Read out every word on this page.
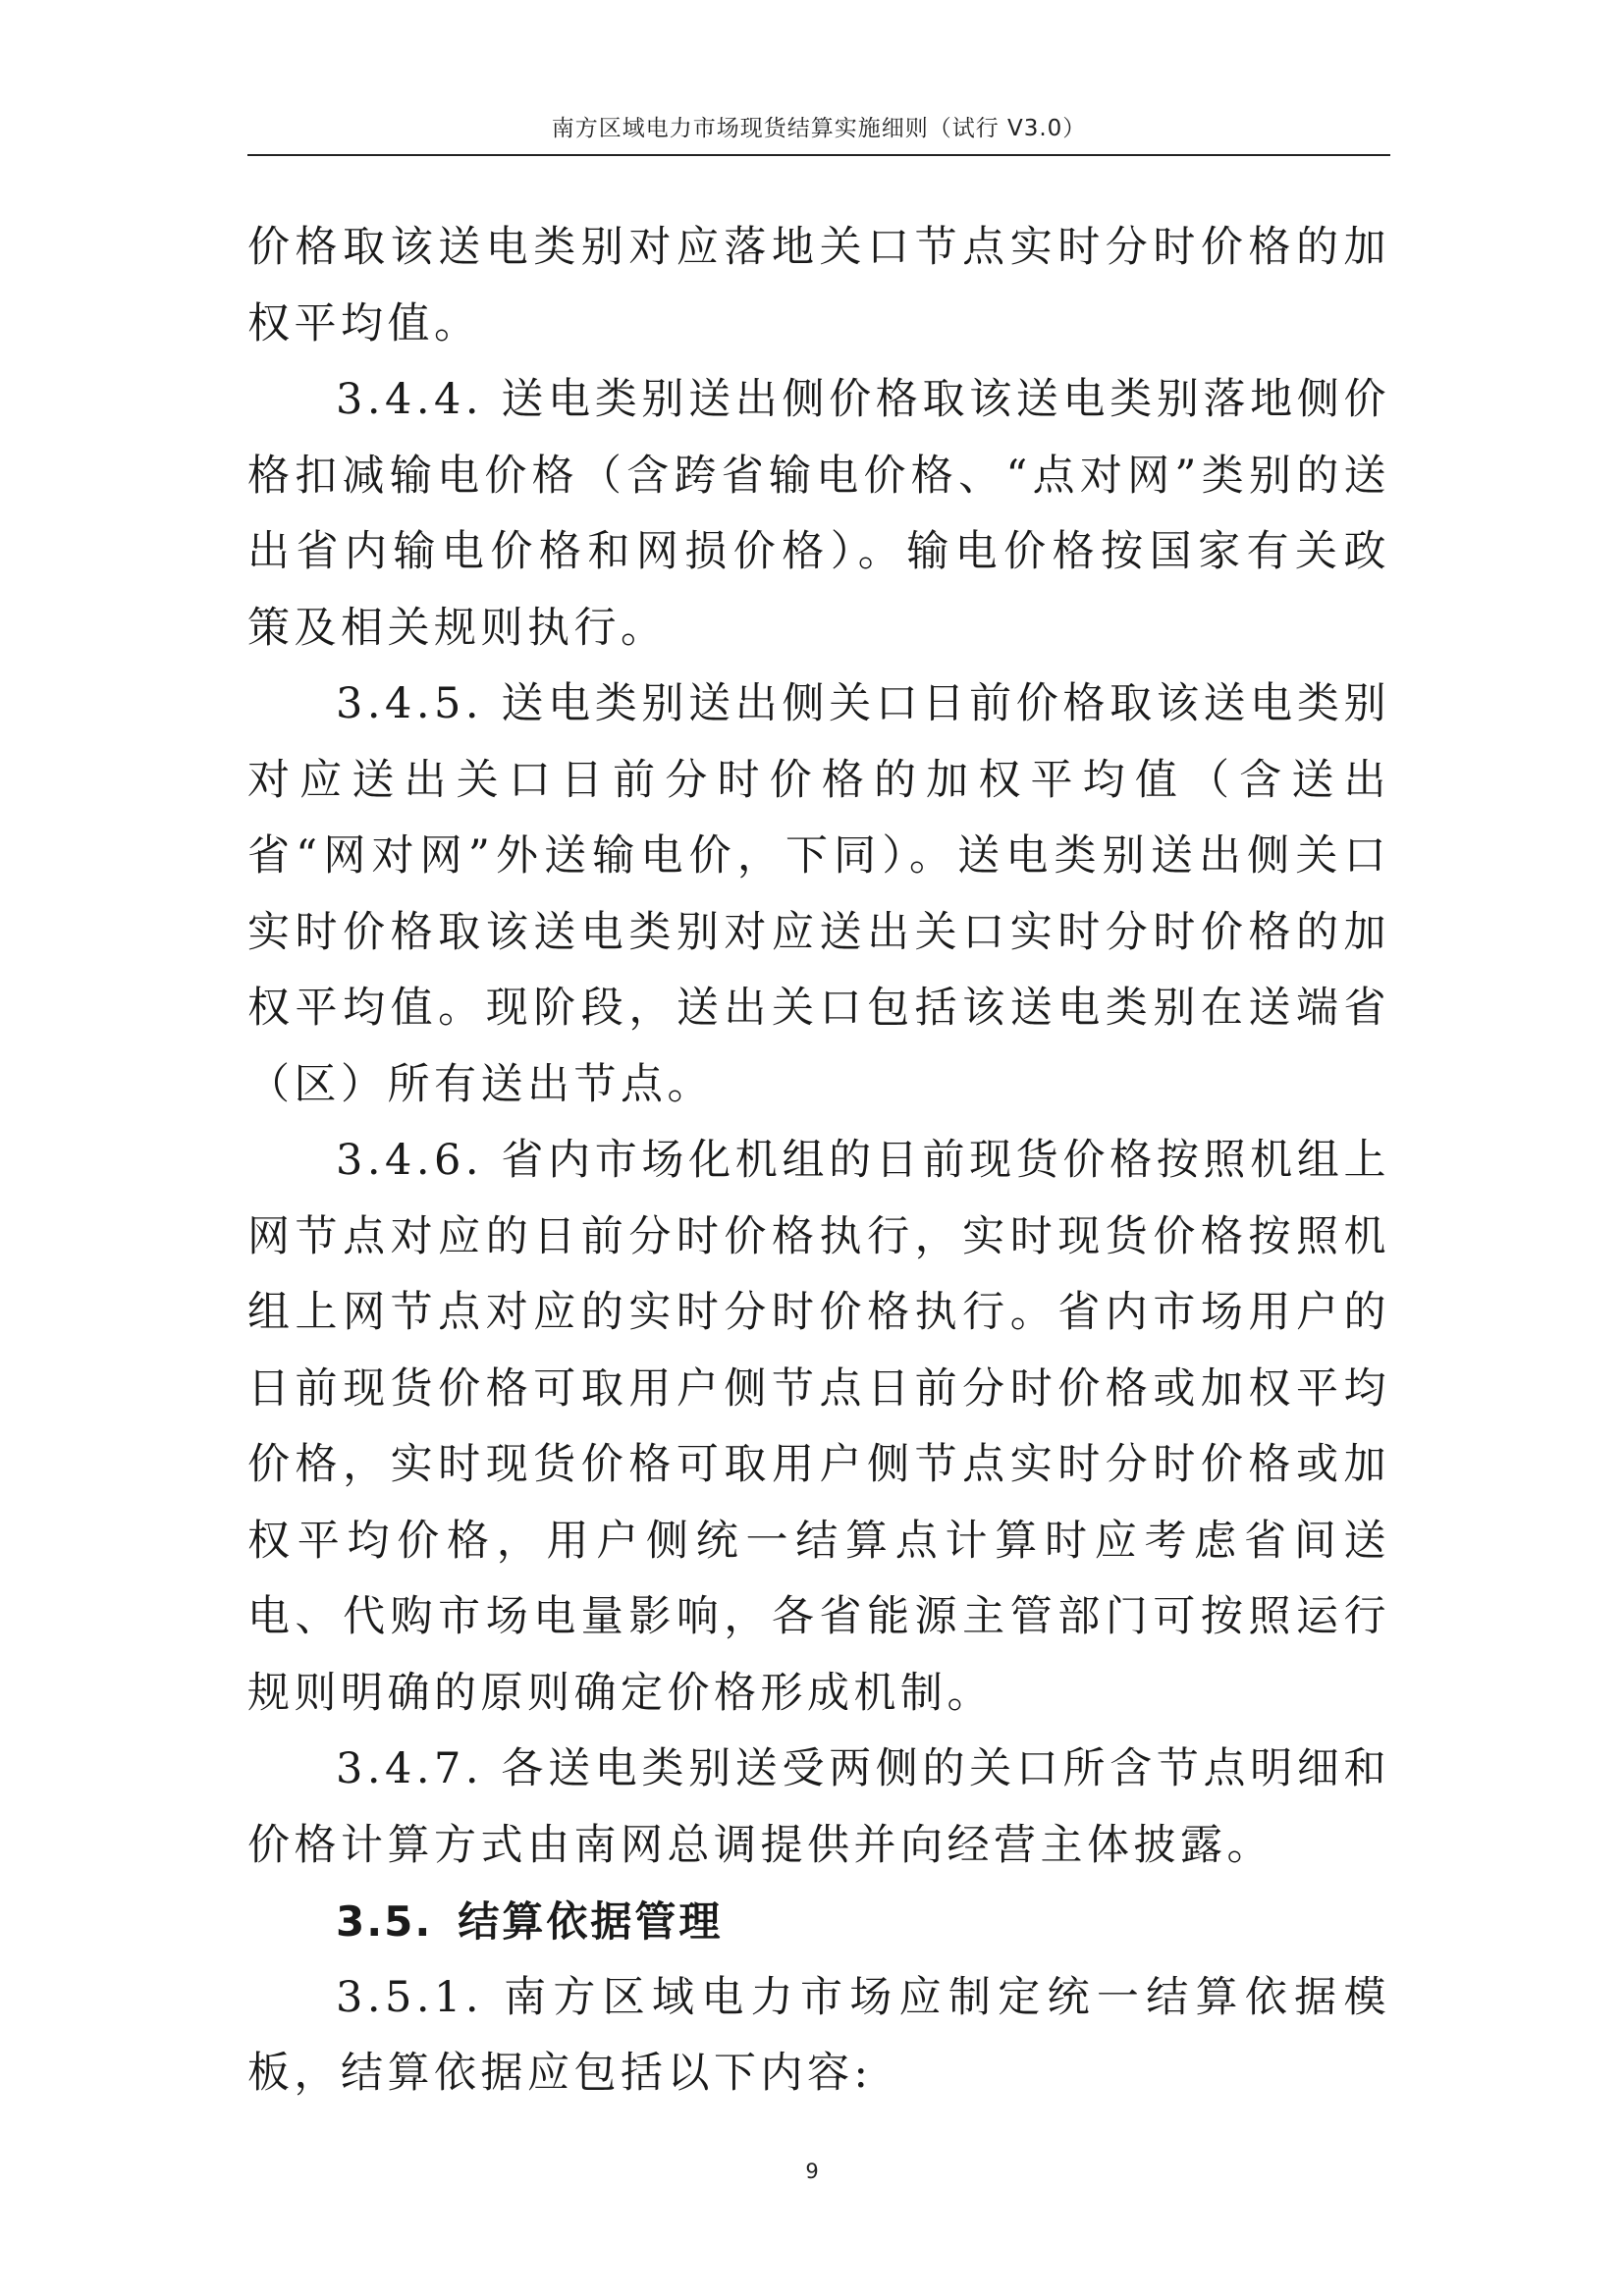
南方区域电力市场现货结算实施细则（试行 V3.0）

价格取该送电类别对应落地关口节点实时分时价格的加权平均值。

3.4.4. 送电类别送出侧价格取该送电类别落地侧价格扣减输电价格（含跨省输电价格、“点对网”类别的送出省内输电价格和网损价格）。输电价格按国家有关政策及相关规则执行。

3.4.5. 送电类别送出侧关口日前价格取该送电类别对应送出关口日前分时价格的加权平均值（含送出省“网对网”外送输电价，下同）。送电类别送出侧关口实时价格取该送电类别对应送出关口实时分时价格的加权平均值。现阶段，送出关口包括该送电类别在送端省（区）所有送出节点。

3.4.6. 省内市场化机组的日前现货价格按照机组上网节点对应的日前分时价格执行，实时现货价格按照机组上网节点对应的实时分时价格执行。省内市场用户的日前现货价格可取用户侧节点日前分时价格或加权平均价格，实时现货价格可取用户侧节点实时分时价格或加权平均价格，用户侧统一结算点计算时应考虑省间送电、代购市场电量影响，各省能源主管部门可按照运行规则明确的原则确定价格形成机制。

3.4.7. 各送电类别送受两侧的关口所含节点明细和价格计算方式由南网总调提供并向经营主体披露。

3.5. 结算依据管理

3.5.1. 南方区域电力市场应制定统一结算依据模板，结算依据应包括以下内容:

9
